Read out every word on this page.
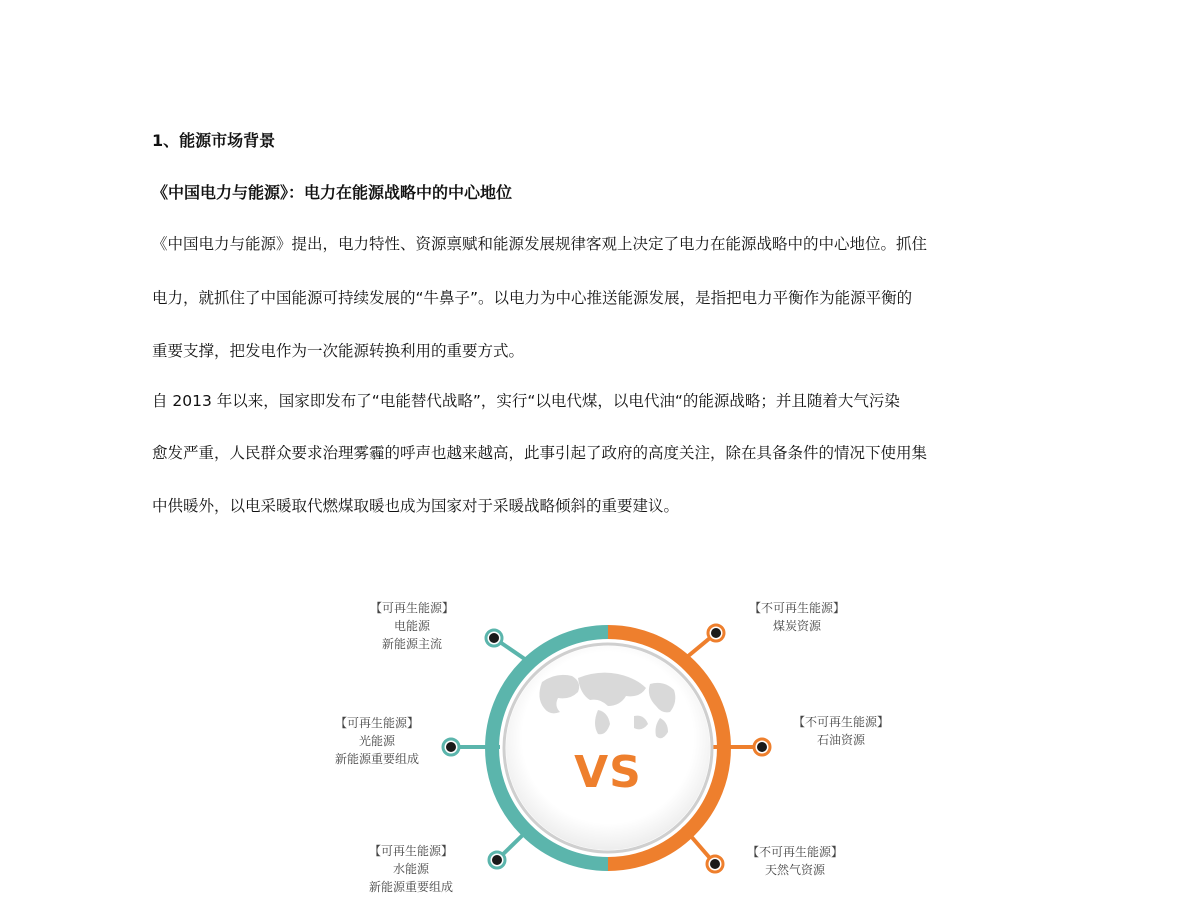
1、能源市场背景

《中国电力与能源》：电力在能源战略中的中心地位

《中国电力与能源》提出，电力特性、资源禀赋和能源发展规律客观上决定了电力在能源战略中的中心地位。抓住

电力，就抓住了中国能源可持续发展的“牛鼻子”。以电力为中心推送能源发展，是指把电力平衡作为能源平衡的

重要支撑，把发电作为一次能源转换利用的重要方式。

自 2013 年以来，国家即发布了“电能替代战略”，实行“以电代煤，以电代油“的能源战略；并且随着大气污染

愈发严重，人民群众要求治理雾霾的呼声也越来越高，此事引起了政府的高度关注，除在具备条件的情况下使用集

中供暖外，以电采暖取代燃煤取暖也成为国家对于采暖战略倾斜的重要建议。

VS
【可再生能源】
电能源
新能源主流
【可再生能源】
光能源
新能源重要组成
【可再生能源】
水能源
新能源重要组成
【不可再生能源】
煤炭资源
【不可再生能源】
石油资源
【不可再生能源】
天然气资源
